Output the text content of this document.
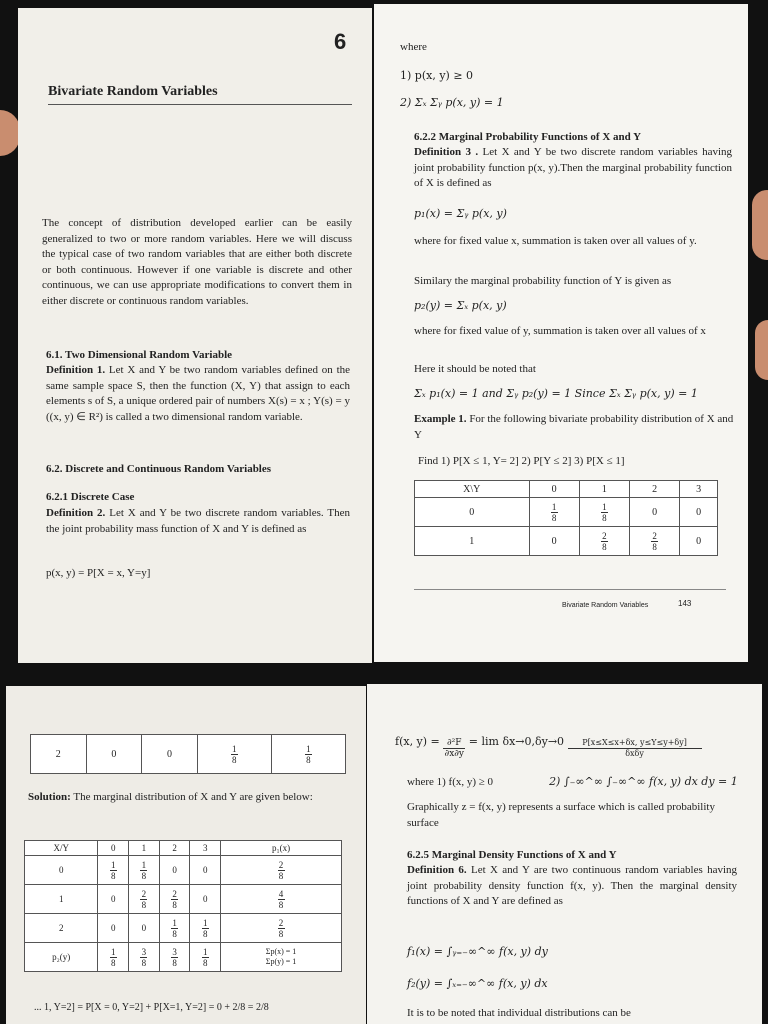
6
Bivariate Random Variables
The concept of distribution developed earlier can be easily generalized to two or more random variables. Here we will discuss the typical case of two random variables that are either both discrete or both continuous. However if one variable is discrete and other continuous, we can use appropriate modifications to convert them in either discrete or continuous random variables.
6.1. Two Dimensional Random Variable
Definition 1. Let X and Y be two random variables defined on the same sample space S, then the function (X, Y) that assign to each elements s of S, a unique ordered pair of numbers X(s) = x ; Y(s) = y ((x, y) ∈ R²) is called a two dimensional random variable.
6.2. Discrete and Continuous Random Variables
6.2.1 Discrete Case
Definition 2. Let X and Y be two discrete random variables. Then the joint probability mass function of X and Y is defined as
p(x, y) = P[X = x, Y=y]
where
1) p(x, y) ≥ 0
2) Σₓ Σᵧ p(x, y) = 1
6.2.2 Marginal Probability Functions of X and Y
Definition 3 . Let X and Y be two discrete random variables having joint probability function p(x, y).Then the marginal probability function of X is defined as
p₁(x) = Σᵧ p(x, y)
where for fixed value x, summation is taken over all values of y.
Similary the marginal probability function of Y is given as
p₂(y) = Σₓ p(x, y)
where for fixed value of y, summation is taken over all values of x
Here it should be noted that
Σₓ p₁(x) = 1 and Σᵧ p₂(y) = 1 Since Σₓ Σᵧ p(x, y) = 1
Example 1. For the following bivariate probability distribution of X and Y
Find 1) P[X ≤ 1, Y= 2] 2) P[Y ≤ 2] 3) P[X ≤ 1]
X\Y	0	1	2	3
0	$\frac{1}{8}$	$\frac{1}{8}$	0	0
1	0	$\frac{2}{8}$	$\frac{2}{8}$	0
Bivariate Random Variables	143
2	0	0	$\frac{1}{8}$	$\frac{1}{8}$
Solution: The marginal distribution of X and Y are given below:
X/Y	0	1	2	3	p₁(x)
0	$\frac{1}{8}$	$\frac{1}{8}$	0	0	$\frac{2}{8}$

1	0	$\frac{2}{8}$	$\frac{2}{8}$	0	$\frac{4}{8}$

2	0	0	$\frac{1}{8}$	$\frac{1}{8}$	$\frac{2}{8}$

p₂(y)	$\frac{1}{8}$	$\frac{3}{8}$	$\frac{3}{8}$	$\frac{1}{8}$	Σp(x) = 1
Σp(y) = 1
... 1, Y=2] = P[X = 0, Y=2] + P[X=1, Y=2] = 0 + 2/8 = 2/8
f(x, $y) = \frac{\text{∂²F}}{\partial x\partial y} = \lim \delta x\to 0,\delta y\to 0 \frac{P[x\le X\le x+\delta x, y\le Y\le y+\delta y]}{\text{δxδy}}$
where 1) f(x, y) ≥ 0	2) ∫₋∞^∞ ∫₋∞^∞ f(x, y) dx dy = 1
Graphically z = f(x, y) represents a surface which is called probability surface
6.2.5 Marginal Density Functions of X and Y
Definition 6. Let X and Y are two continuous random variables having joint probability density function f(x, y). Then the marginal density functions of X and Y are defined as
f₁(x) = ∫ᵧ₌₋∞^∞ f(x, y) dy
f₂(y) = ∫ₓ₌₋∞^∞ f(x, y) dx
It is to be noted that individual distributions can be
